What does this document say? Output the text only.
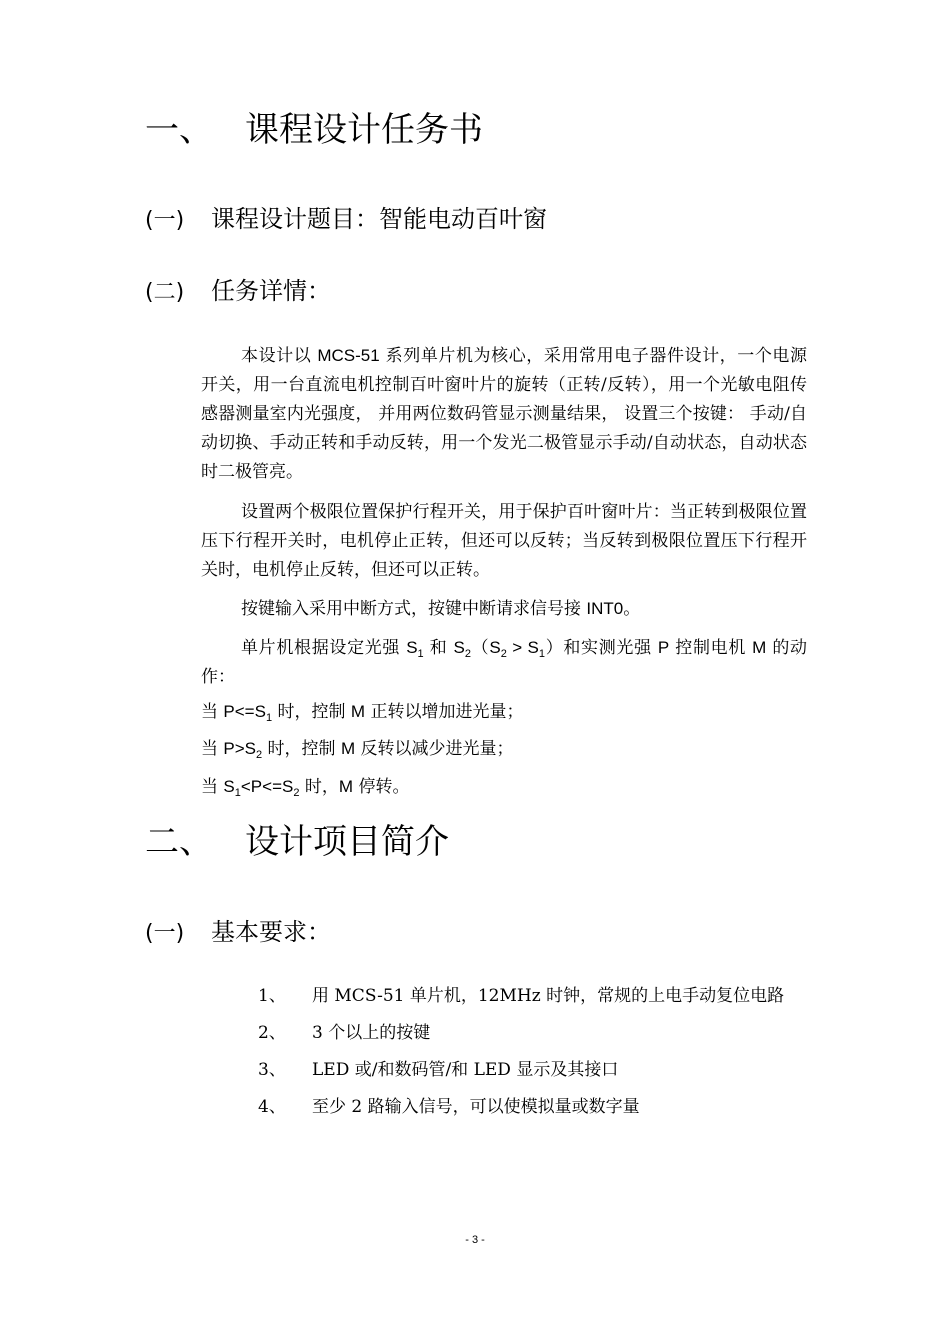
一、 课程设计任务书
(一) 课程设计题目：智能电动百叶窗
(二) 任务详情：
本设计以 MCS-51 系列单片机为核心，采用常用电子器件设计，一个电源开关，用一台直流电机控制百叶窗叶片的旋转（正转/反转），用一个光敏电阻传感器测量室内光强度， 并用两位数码管显示测量结果， 设置三个按键： 手动/自动切换、手动正转和手动反转，用一个发光二极管显示手动/自动状态，自动状态时二极管亮。
设置两个极限位置保护行程开关，用于保护百叶窗叶片：当正转到极限位置压下行程开关时，电机停止正转，但还可以反转；当反转到极限位置压下行程开关时，电机停止反转，但还可以正转。
按键输入采用中断方式，按键中断请求信号接 INT0。
单片机根据设定光强 $S_1$ 和 $S_2(S_2 > S_1)$和实测光强 P 控制电机 M 的动作：
当 $P<=S_1$ 时，控制 M 正转以增加进光量；
当 $P>S_2$ 时，控制 M 反转以减少进光量；
当 $S_1<P<=S_2$ 时，M 停转。
二、 设计项目简介
(一) 基本要求：
1、 用 MCS-51 单片机，12MHz 时钟，常规的上电手动复位电路
2、 3 个以上的按键
3、 LED 或/和数码管/和 LED 显示及其接口
4、 至少 2 路输入信号，可以使模拟量或数字量
- 3 -
